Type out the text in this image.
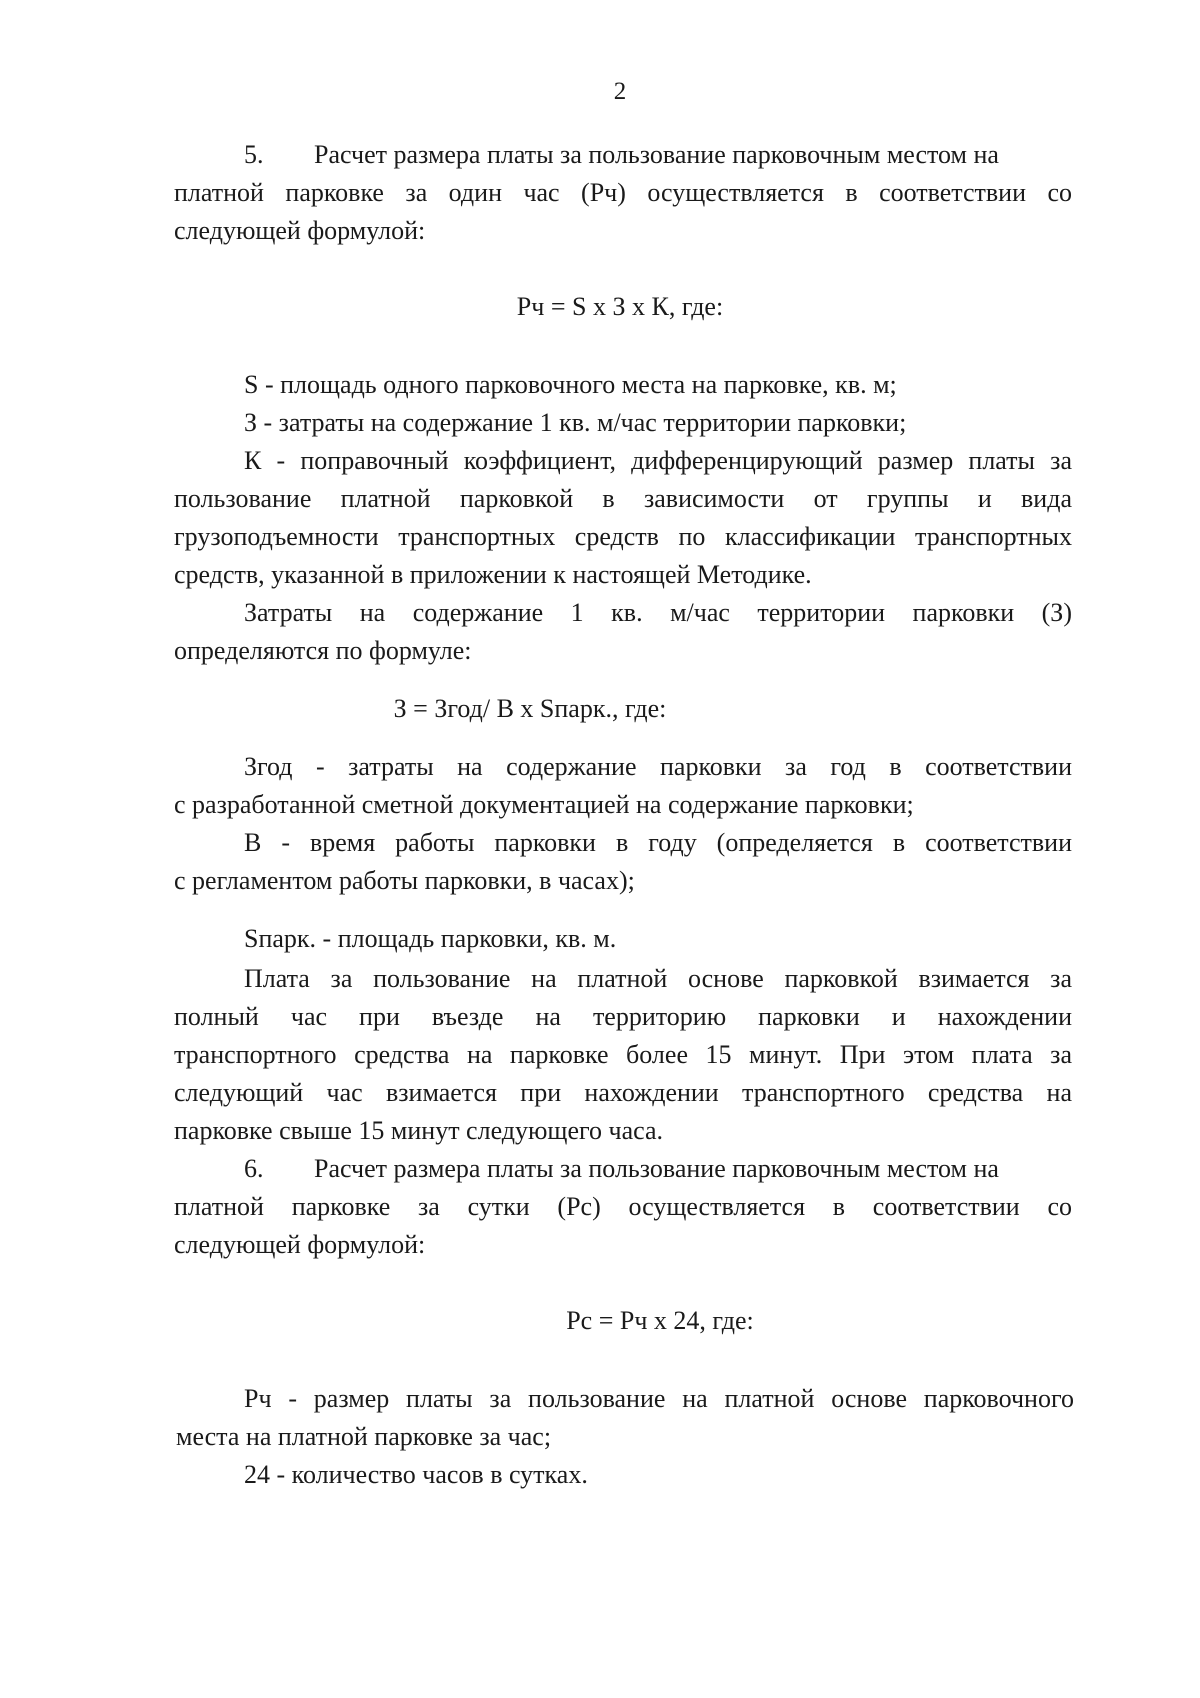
2
5. Расчет размера платы за пользование парковочным местом на
платной парковке за один час (Рч) осуществляется в соответствии со
следующей формулой:
Рч = S x З x К, где:
S - площадь одного парковочного места на парковке, кв. м;
З - затраты на содержание 1 кв. м/час территории парковки;
К - поправочный коэффициент, дифференцирующий размер платы за
пользование платной парковкой в зависимости от группы и вида
грузоподъемности транспортных средств по классификации транспортных
средств, указанной в приложении к настоящей Методике.
Затраты на содержание 1 кв. м/час территории парковки (З)
определяются по формуле:
З = Згод/ В x Sпарк., где:
Згод - затраты на содержание парковки за год в соответствии
с разработанной сметной документацией на содержание парковки;
В - время работы парковки в году (определяется в соответствии
с регламентом работы парковки, в часах);
Sпарк. - площадь парковки, кв. м.
Плата за пользование на платной основе парковкой взимается за
полный час при въезде на территорию парковки и нахождении
транспортного средства на парковке более 15 минут. При этом плата за
следующий час взимается при нахождении транспортного средства на
парковке свыше 15 минут следующего часа.
6. Расчет размера платы за пользование парковочным местом на
платной парковке за сутки (Рс) осуществляется в соответствии со
следующей формулой:
Рс = Рч x 24, где:
Рч - размер платы за пользование на платной основе парковочного
места на платной парковке за час;
24 - количество часов в сутках.
